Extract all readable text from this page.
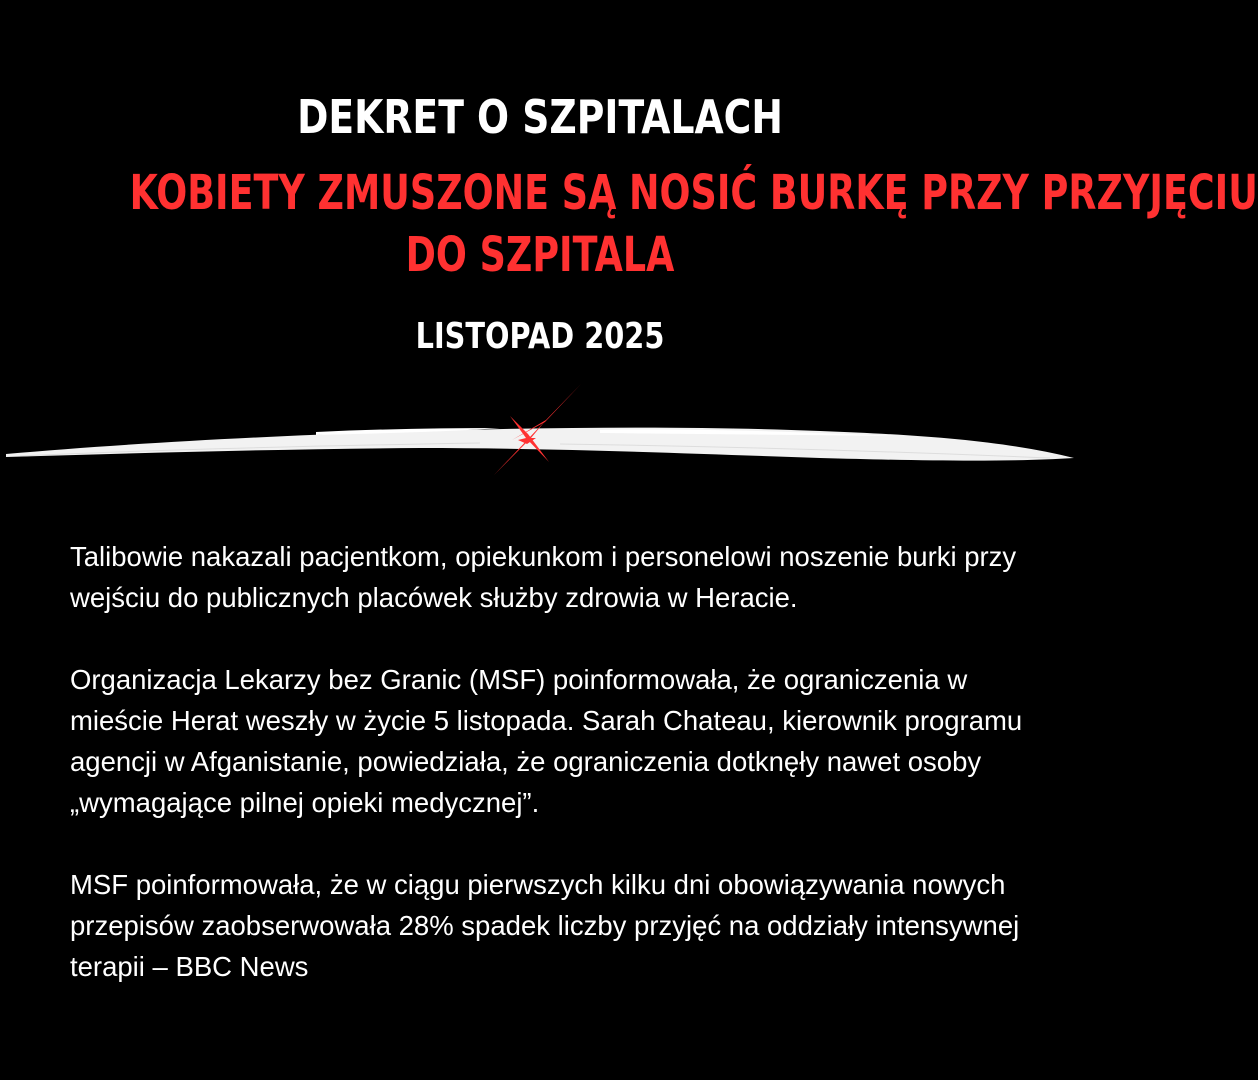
DEKRET O SZPITALACH
KOBIETY ZMUSZONE SĄ NOSIĆ BURKĘ PRZY PRZYJĘCIU
DO SZPITALA
LISTOPAD 2025

Talibowie nakazali pacjentkom, opiekunkom i personelowi noszenie burki przy wejściu do publicznych placówek służby zdrowia w Heracie.

Organizacja Lekarzy bez Granic (MSF) poinformowała, że ograniczenia w mieście Herat weszły w życie 5 listopada. Sarah Chateau, kierownik programu agencji w Afganistanie, powiedziała, że ograniczenia dotknęły nawet osoby „wymagające pilnej opieki medycznej”.

MSF poinformowała, że w ciągu pierwszych kilku dni obowiązywania nowych przepisów zaobserwowała 28% spadek liczby przyjęć na oddziały intensywnej terapii – BBC News
